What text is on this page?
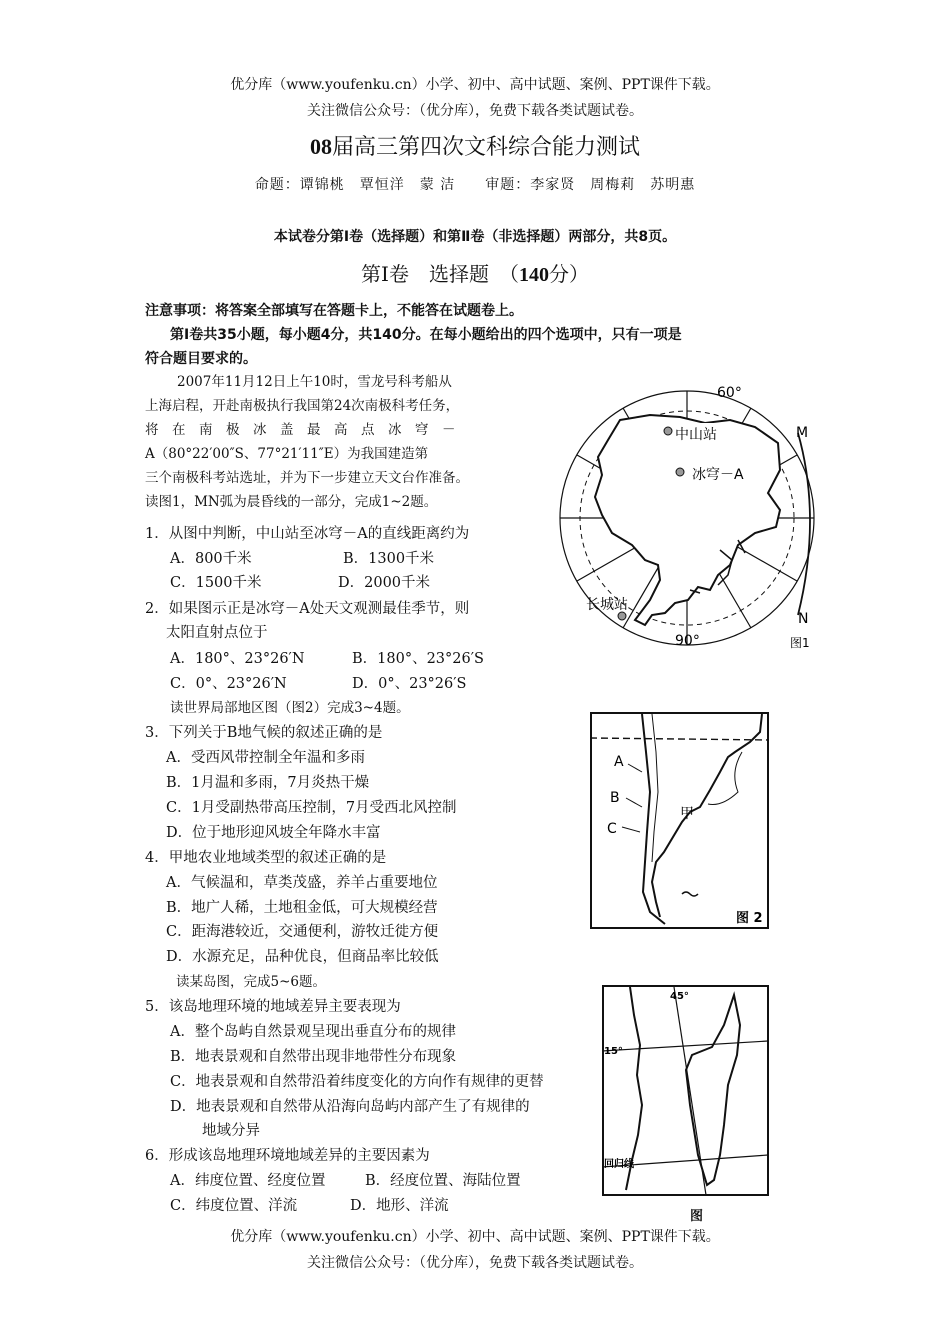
优分库（www.youfenku.cn）小学、初中、高中试题、案例、PPT课件下载。
关注微信公众号：（优分库），免费下载各类试题试卷。
08届高三第四次文科综合能力测试
命题：谭锦桃　覃恒洋　蒙 洁　　审题：李家贤　周梅莉　苏明惠
本试卷分第Ⅰ卷（选择题）和第Ⅱ卷（非选择题）两部分，共8页。
第Ⅰ卷　选择题　（140分）
注意事项：将答案全部填写在答题卡上，不能答在试题卷上。
第Ⅰ卷共35小题，每小题4分，共140分。在每小题给出的四个选项中，只有一项是
符合题目要求的。
2007年11月12日上午10时，雪龙号科考船从
上海启程，开赴南极执行我国第24次南极科考任务，
将　在　南　极　冰　盖　最　高　点　冰　穹　－
A（80°22′00″S、77°21′11″E）为我国建造第
三个南极科考站选址，并为下一步建立天文台作准备。
读图1，MN弧为晨昏线的一部分，完成1~2题。
1．从图中判断，中山站至冰穹－A的直线距离约为
A．800千米	B．1300千米
C．1500千米	D．2000千米
2．如果图示正是冰穹－A处天文观测最佳季节，则
太阳直射点位于
A．180°、23°26′N	B．180°、23°26′S
C．0°、23°26′N	D．0°、23°26′S
读世界局部地区图（图2）完成3~4题。
3．下列关于B地气候的叙述正确的是
A．受西风带控制全年温和多雨
B．1月温和多雨，7月炎热干燥
C．1月受副热带高压控制，7月受西北风控制
D．位于地形迎风坡全年降水丰富
4．甲地农业地域类型的叙述正确的是
A．气候温和，草类茂盛，养羊占重要地位
B．地广人稀，土地租金低，可大规模经营
C．距海港较近，交通便利，游牧迁徙方便
D．水源充足，品种优良，但商品率比较低
读某岛图，完成5~6题。
5．该岛地理环境的地域差异主要表现为
A．整个岛屿自然景观呈现出垂直分布的规律
B．地表景观和自然带出现非地带性分布现象
C．地表景观和自然带沿着纬度变化的方向作有规律的更替
D．地表景观和自然带从沿海向岛屿内部产生了有规律的
地域分异
6．形成该岛地理环境地域差异的主要因素为
A．纬度位置、经度位置	B．经度位置、海陆位置
C．纬度位置、洋流	D．地形、洋流
60°
90°
M
N
中山站
冰穹－A
长城站
图1
A
B
C
甲
图 2
45°
15°
回归线
图
优分库（www.youfenku.cn）小学、初中、高中试题、案例、PPT课件下载。
关注微信公众号：（优分库），免费下载各类试题试卷。
